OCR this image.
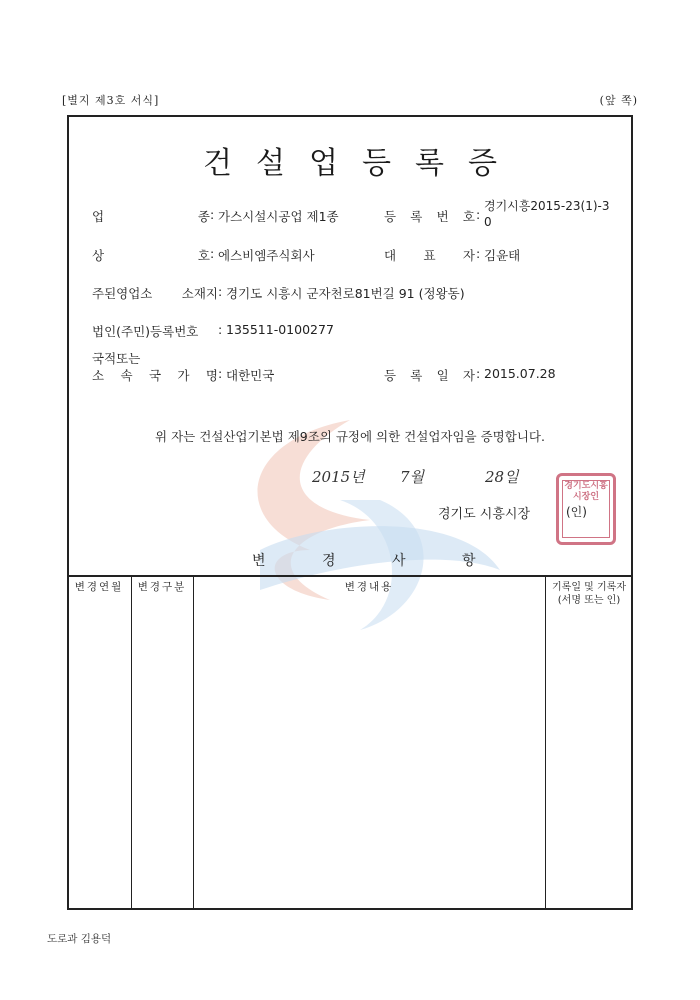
[별지 제3호 서식]	(앞 쪽)
건설업등록증
업 종 : 가스시설시공업 제1종	등 록 번 호 :
경기시흥2015-23(1)-3
0
상 호 : 에스비엠주식회사	대 표 자 : 김윤태
주된영업소 소재지 : 경기도 시흥시 군자천로81번길 91 (정왕동)
법인(주민)등록번호	: 135511-0100277
국적또는
소 속 국 가 명 : 대한민국	등 록 일 자 : 2015.07.28
위 자는 건설산업기본법 제9조의 규정에 의한 건설업자임을 증명합니다.
2015년 7월	28일
경기도 시흥시장	(인)
경기도시흥시장인
변	경	사	항
변경연월	변경구분	변경내용	기록일 및 기록자
(서명 또는 인)
도로과 김용덕
